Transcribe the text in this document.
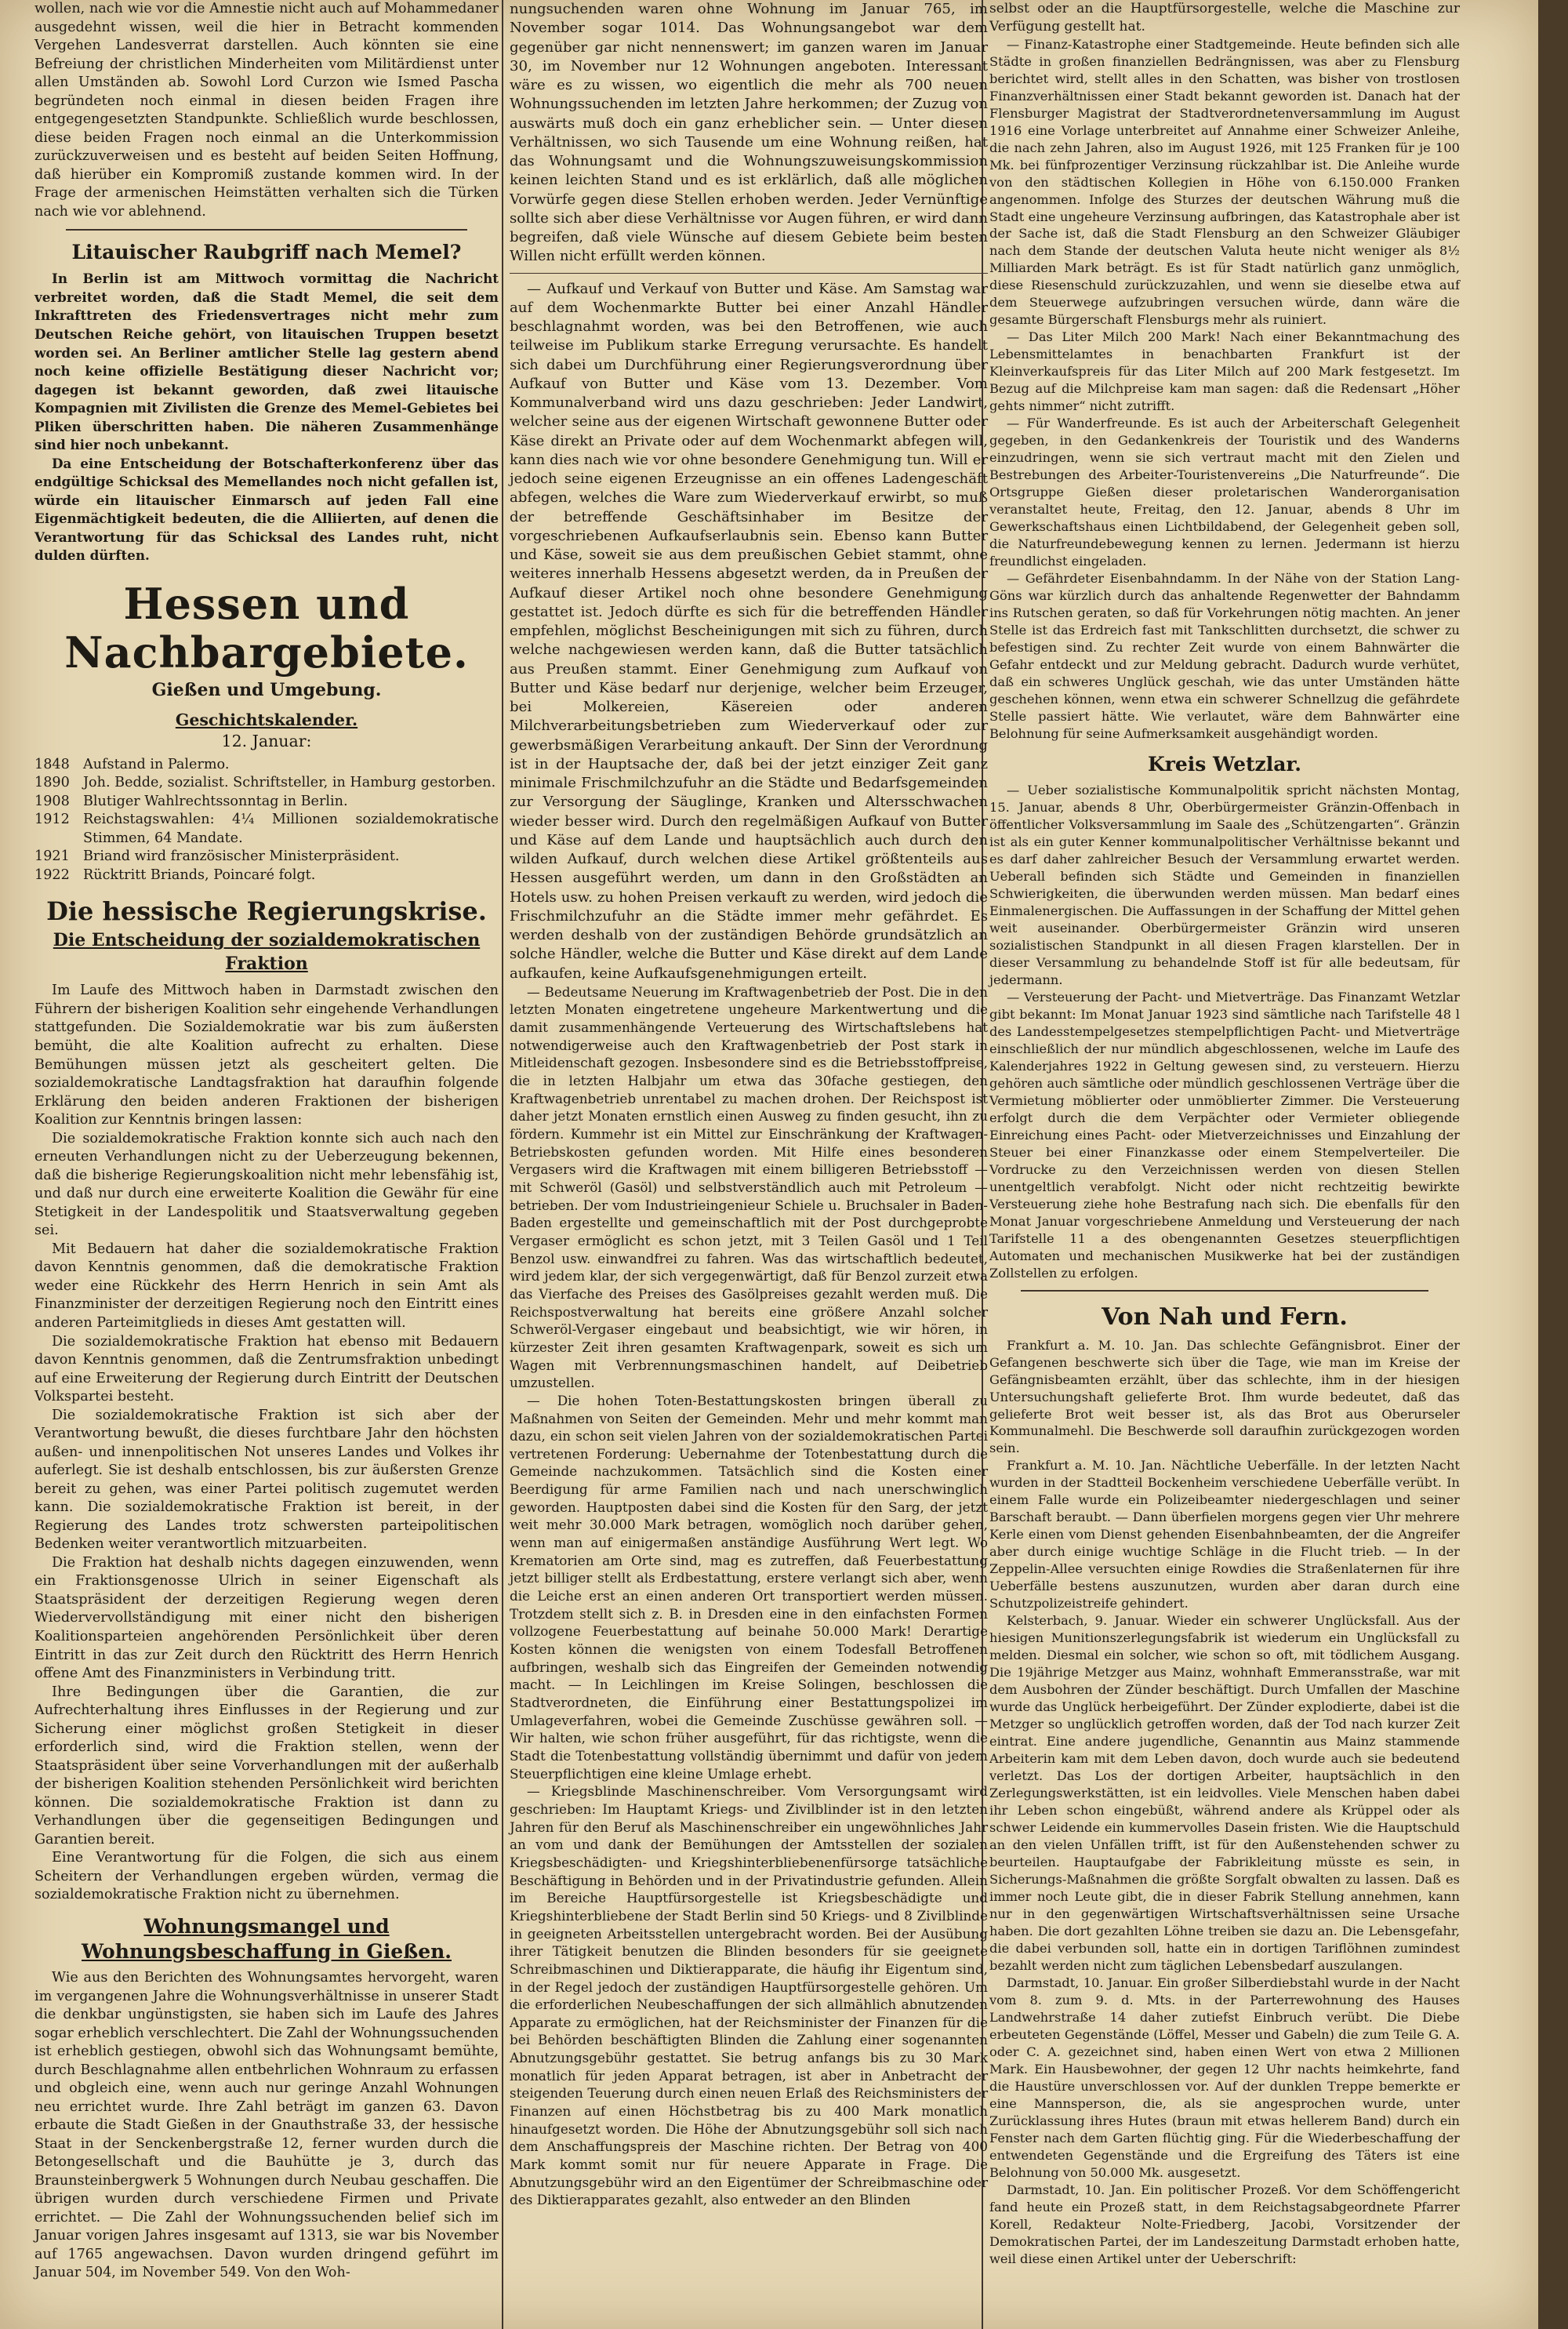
wollen, nach wie vor die Amnestie nicht auch auf Mohammedaner ausgedehnt wissen, weil die hier in Betracht kommenden Vergehen Landesverrat darstellen. Auch könnten sie eine Befreiung der christlichen Minderheiten vom Militärdienst unter allen Umständen ab. Sowohl Lord Curzon wie Ismed Pascha begründeten noch einmal in diesen beiden Fragen ihre entgegengesetzten Standpunkte. Schließlich wurde beschlossen, diese beiden Fragen noch einmal an die Unterkommission zurückzuverweisen und es besteht auf beiden Seiten Hoffnung, daß hierüber ein Kompromiß zustande kommen wird. In der Frage der armenischen Heimstätten verhalten sich die Türken nach wie vor ablehnend.

Litauischer Raubgriff nach Memel?

In Berlin ist am Mittwoch vormittag die Nachricht verbreitet worden, daß die Stadt Memel, die seit dem Inkrafttreten des Friedensvertrages nicht mehr zum Deutschen Reiche gehört, von litauischen Truppen besetzt worden sei. An Berliner amtlicher Stelle lag gestern abend noch keine offizielle Bestätigung dieser Nachricht vor; dagegen ist bekannt geworden, daß zwei litauische Kompagnien mit Zivilisten die Grenze des Memel-Gebietes bei Pliken überschritten haben. Die näheren Zusammenhänge sind hier noch unbekannt.

Da eine Entscheidung der Botschafterkonferenz über das endgültige Schicksal des Memellandes noch nicht gefallen ist, würde ein litauischer Einmarsch auf jeden Fall eine Eigenmächtigkeit bedeuten, die die Alliierten, auf denen die Verantwortung für das Schicksal des Landes ruht, nicht dulden dürften.

Hessen und Nachbargebiete.
Gießen und Umgebung.
Geschichtskalender.
12. Januar:
1848 Aufstand in Palermo.
1890 Joh. Bedde, sozialist. Schriftsteller, in Hamburg gestorben.
1908 Blutiger Wahlrechtssonntag in Berlin.
1912 Reichstagswahlen: 4¼ Millionen sozialdemokratische Stimmen, 64 Mandate.
1921 Briand wird französischer Ministerpräsident.
1922 Rücktritt Briands, Poincaré folgt.
Die hessische Regierungskrise.
Die Entscheidung der sozialdemokratischen Fraktion

Im Laufe des Mittwoch haben in Darmstadt zwischen den Führern der bisherigen Koalition sehr eingehende Verhandlungen stattgefunden. Die Sozialdemokratie war bis zum äußersten bemüht, die alte Koalition aufrecht zu erhalten. Diese Bemühungen müssen jetzt als gescheitert gelten. Die sozialdemokratische Landtagsfraktion hat daraufhin folgende Erklärung den beiden anderen Fraktionen der bisherigen Koalition zur Kenntnis bringen lassen:

Die sozialdemokratische Fraktion konnte sich auch nach den erneuten Verhandlungen nicht zu der Ueberzeugung bekennen, daß die bisherige Regierungskoalition nicht mehr lebensfähig ist, und daß nur durch eine erweiterte Koalition die Gewähr für eine Stetigkeit in der Landespolitik und Staatsverwaltung gegeben sei.

Mit Bedauern hat daher die sozialdemokratische Fraktion davon Kenntnis genommen, daß die demokratische Fraktion weder eine Rückkehr des Herrn Henrich in sein Amt als Finanzminister der derzeitigen Regierung noch den Eintritt eines anderen Parteimitglieds in dieses Amt gestatten will.

Die sozialdemokratische Fraktion hat ebenso mit Bedauern davon Kenntnis genommen, daß die Zentrumsfraktion unbedingt auf eine Erweiterung der Regierung durch Eintritt der Deutschen Volkspartei besteht.

Die sozialdemokratische Fraktion ist sich aber der Verantwortung bewußt, die dieses furchtbare Jahr den höchsten außen- und innenpolitischen Not unseres Landes und Volkes ihr auferlegt. Sie ist deshalb entschlossen, bis zur äußersten Grenze bereit zu gehen, was einer Partei politisch zugemutet werden kann. Die sozialdemokratische Fraktion ist bereit, in der Regierung des Landes trotz schwersten parteipolitischen Bedenken weiter verantwortlich mitzuarbeiten.

Die Fraktion hat deshalb nichts dagegen einzuwenden, wenn ein Fraktionsgenosse Ulrich in seiner Eigenschaft als Staatspräsident der derzeitigen Regierung wegen deren Wiedervervollständigung mit einer nicht den bisherigen Koalitionsparteien angehörenden Persönlichkeit über deren Eintritt in das zur Zeit durch den Rücktritt des Herrn Henrich offene Amt des Finanzministers in Verbindung tritt.

Ihre Bedingungen über die Garantien, die zur Aufrechterhaltung ihres Einflusses in der Regierung und zur Sicherung einer möglichst großen Stetigkeit in dieser erforderlich sind, wird die Fraktion stellen, wenn der Staatspräsident über seine Vorverhandlungen mit der außerhalb der bisherigen Koalition stehenden Persönlichkeit wird berichten können. Die sozialdemokratische Fraktion ist dann zu Verhandlungen über die gegenseitigen Bedingungen und Garantien bereit.

Eine Verantwortung für die Folgen, die sich aus einem Scheitern der Verhandlungen ergeben würden, vermag die sozialdemokratische Fraktion nicht zu übernehmen.

Wohnungsmangel und Wohnungsbeschaffung in Gießen.

Wie aus den Berichten des Wohnungsamtes hervorgeht, waren im vergangenen Jahre die Wohnungsverhältnisse in unserer Stadt die denkbar ungünstigsten, sie haben sich im Laufe des Jahres sogar erheblich verschlechtert. Die Zahl der Wohnungssuchenden ist erheblich gestiegen, obwohl sich das Wohnungsamt bemühte, durch Beschlagnahme allen entbehrlichen Wohnraum zu erfassen und obgleich eine, wenn auch nur geringe Anzahl Wohnungen neu errichtet wurde. Ihre Zahl beträgt im ganzen 63. Davon erbaute die Stadt Gießen in der Gnauthstraße 33, der hessische Staat in der Senckenbergstraße 12, ferner wurden durch die Betongesellschaft und die Bauhütte je 3, durch das Braunsteinbergwerk 5 Wohnungen durch Neubau geschaffen. Die übrigen wurden durch verschiedene Firmen und Private errichtet. — Die Zahl der Wohnungssuchenden belief sich im Januar vorigen Jahres insgesamt auf 1313, sie war bis November auf 1765 angewachsen. Davon wurden dringend geführt im Januar 504, im November 549. Von den Woh-

nungsuchenden waren ohne Wohnung im Januar 765, im November sogar 1014. Das Wohnungsangebot war dem gegenüber gar nicht nennenswert; im ganzen waren im Januar 30, im November nur 12 Wohnungen angeboten. Interessant wäre es zu wissen, wo eigentlich die mehr als 700 neuen Wohnungssuchenden im letzten Jahre herkommen; der Zuzug von auswärts muß doch ein ganz erheblicher sein. — Unter diesen Verhältnissen, wo sich Tausende um eine Wohnung reißen, hat das Wohnungsamt und die Wohnungszuweisungskommission keinen leichten Stand und es ist erklärlich, daß alle möglichen Vorwürfe gegen diese Stellen erhoben werden. Jeder Vernünftige sollte sich aber diese Verhältnisse vor Augen führen, er wird dann begreifen, daß viele Wünsche auf diesem Gebiete beim besten Willen nicht erfüllt werden können.

— Aufkauf und Verkauf von Butter und Käse. Am Samstag war auf dem Wochenmarkte Butter bei einer Anzahl Händler beschlagnahmt worden, was bei den Betroffenen, wie auch teilweise im Publikum starke Erregung verursachte. Es handelt sich dabei um Durchführung einer Regierungsverordnung über Aufkauf von Butter und Käse vom 13. Dezember. Vom Kommunalverband wird uns dazu geschrieben: Jeder Landwirt, welcher seine aus der eigenen Wirtschaft gewonnene Butter oder Käse direkt an Private oder auf dem Wochenmarkt abfegen will, kann dies nach wie vor ohne besondere Genehmigung tun. Will er jedoch seine eigenen Erzeugnisse an ein offenes Ladengeschäft abfegen, welches die Ware zum Wiederverkauf erwirbt, so muß der betreffende Geschäftsinhaber im Besitze der vorgeschriebenen Aufkaufserlaubnis sein. Ebenso kann Butter und Käse, soweit sie aus dem preußischen Gebiet stammt, ohne weiteres innerhalb Hessens abgesetzt werden, da in Preußen der Aufkauf dieser Artikel noch ohne besondere Genehmigung gestattet ist. Jedoch dürfte es sich für die betreffenden Händler empfehlen, möglichst Bescheinigungen mit sich zu führen, durch welche nachgewiesen werden kann, daß die Butter tatsächlich aus Preußen stammt. Einer Genehmigung zum Aufkauf von Butter und Käse bedarf nur derjenige, welcher beim Erzeuger, bei Molkereien, Käsereien oder anderen Milchverarbeitungsbetrieben zum Wiederverkauf oder zur gewerbsmäßigen Verarbeitung ankauft. Der Sinn der Verordnung ist in der Hauptsache der, daß bei der jetzt einziger Zeit ganz minimale Frischmilchzufuhr an die Städte und Bedarfsgemeinden zur Versorgung der Säuglinge, Kranken und Altersschwachen wieder besser wird. Durch den regelmäßigen Aufkauf von Butter und Käse auf dem Lande und hauptsächlich auch durch den wilden Aufkauf, durch welchen diese Artikel größtenteils aus Hessen ausgeführt werden, um dann in den Großstädten an Hotels usw. zu hohen Preisen verkauft zu werden, wird jedoch die Frischmilchzufuhr an die Städte immer mehr gefährdet. Es werden deshalb von der zuständigen Behörde grundsätzlich an solche Händler, welche die Butter und Käse direkt auf dem Lande aufkaufen, keine Aufkaufsgenehmigungen erteilt.

— Bedeutsame Neuerung im Kraftwagenbetrieb der Post. Die in den letzten Monaten eingetretene ungeheure Markentwertung und die damit zusammenhängende Verteuerung des Wirtschaftslebens hat notwendigerweise auch den Kraftwagenbetrieb der Post stark in Mitleidenschaft gezogen. Insbesondere sind es die Betriebsstoffpreise, die in letzten Halbjahr um etwa das 30fache gestiegen, den Kraftwagenbetrieb unrentabel zu machen drohen. Der Reichspost ist daher jetzt Monaten ernstlich einen Ausweg zu finden gesucht, ihn zu fördern. Kummehr ist ein Mittel zur Einschränkung der Kraftwagen-Betriebskosten gefunden worden. Mit Hilfe eines besonderen Vergasers wird die Kraftwagen mit einem billigeren Betriebsstoff — mit Schweröl (Gasöl) und selbstverständlich auch mit Petroleum — betrieben. Der vom Industrieingenieur Schiele u. Bruchsaler in Baden-Baden ergestellte und gemeinschaftlich mit der Post durchgeprobte Vergaser ermöglicht es schon jetzt, mit 3 Teilen Gasöl und 1 Teil Benzol usw. einwandfrei zu fahren. Was das wirtschaftlich bedeutet, wird jedem klar, der sich vergegenwärtigt, daß für Benzol zurzeit etwa das Vierfache des Preises des Gasölpreises gezahlt werden muß. Die Reichspostverwaltung hat bereits eine größere Anzahl solcher Schweröl-Vergaser eingebaut und beabsichtigt, wie wir hören, in kürzester Zeit ihren gesamten Kraftwagenpark, soweit es sich um Wagen mit Verbrennungsmaschinen handelt, auf Deibetrieb umzustellen.

— Die hohen Toten-Bestattungskosten bringen überall zu Maßnahmen von Seiten der Gemeinden. Mehr und mehr kommt man dazu, ein schon seit vielen Jahren von der sozialdemokratischen Partei vertretenen Forderung: Uebernahme der Totenbestattung durch die Gemeinde nachzukommen. Tatsächlich sind die Kosten einer Beerdigung für arme Familien nach und nach unerschwinglich geworden. Hauptposten dabei sind die Kosten für den Sarg, der jetzt weit mehr 30.000 Mark betragen, womöglich noch darüber gehen, wenn man auf einigermaßen anständige Ausführung Wert legt. Wo Krematorien am Orte sind, mag es zutreffen, daß Feuerbestattung jetzt billiger stellt als Erdbestattung, erstere verlangt sich aber, wenn die Leiche erst an einen anderen Ort transportiert werden müssen. Trotzdem stellt sich z. B. in Dresden eine in den einfachsten Formen vollzogene Feuerbestattung auf beinahe 50.000 Mark! Derartige Kosten können die wenigsten von einem Todesfall Betroffenen aufbringen, weshalb sich das Eingreifen der Gemeinden notwendig macht. — In Leichlingen im Kreise Solingen, beschlossen die Stadtverordneten, die Einführung einer Bestattungspolizei im Umlageverfahren, wobei die Gemeinde Zuschüsse gewähren soll. — Wir halten, wie schon früher ausgeführt, für das richtigste, wenn die Stadt die Totenbestattung vollständig übernimmt und dafür von jedem Steuerpflichtigen eine kleine Umlage erhebt.

— Kriegsblinde Maschinenschreiber. Vom Versorgungsamt wird geschrieben: Im Hauptamt Kriegs- und Zivilblinder ist in den letzten Jahren für den Beruf als Maschinenschreiber ein ungewöhnliches Jahr an vom und dank der Bemühungen der Amtsstellen der sozialen Kriegsbeschädigten- und Kriegshinterbliebenenfürsorge tatsächliche Beschäftigung in Behörden und in der Privatindustrie gefunden. Allein im Bereiche Hauptfürsorgestelle ist Kriegsbeschädigte und Kriegshinterbliebene der Stadt Berlin sind 50 Kriegs- und 8 Zivilblinde in geeigneten Arbeitsstellen untergebracht worden. Bei der Ausübung ihrer Tätigkeit benutzen die Blinden besonders für sie geeignete Schreibmaschinen und Diktierapparate, die häufig ihr Eigentum sind, in der Regel jedoch der zuständigen Hauptfürsorgestelle gehören. Um die erforderlichen Neubeschaffungen der sich allmählich abnutzenden Apparate zu ermöglichen, hat der Reichsminister der Finanzen für die bei Behörden beschäftigten Blinden die Zahlung einer sogenannten Abnutzungsgebühr gestattet. Sie betrug anfangs bis zu 30 Mark monatlich für jeden Apparat betragen, ist aber in Anbetracht der steigenden Teuerung durch einen neuen Erlaß des Reichsministers der Finanzen auf einen Höchstbetrag bis zu 400 Mark monatlich hinaufgesetzt worden. Die Höhe der Abnutzungsgebühr soll sich nach dem Anschaffungspreis der Maschine richten. Der Betrag von 400 Mark kommt somit nur für neuere Apparate in Frage. Die Abnutzungsgebühr wird an den Eigentümer der Schreibmaschine oder des Diktierapparates gezahlt, also entweder an den Blinden

selbst oder an die Hauptfürsorgestelle, welche die Maschine zur Verfügung gestellt hat.

— Finanz-Katastrophe einer Stadtgemeinde. Heute befinden sich alle Städte in großen finanziellen Bedrängnissen, was aber zu Flensburg berichtet wird, stellt alles in den Schatten, was bisher von trostlosen Finanzverhältnissen einer Stadt bekannt geworden ist. Danach hat der Flensburger Magistrat der Stadtverordnetenversammlung im August 1916 eine Vorlage unterbreitet auf Annahme einer Schweizer Anleihe, die nach zehn Jahren, also im August 1926, mit 125 Franken für je 100 Mk. bei fünfprozentiger Verzinsung rückzahlbar ist. Die Anleihe wurde von den städtischen Kollegien in Höhe von 6.150.000 Franken angenommen. Infolge des Sturzes der deutschen Währung muß die Stadt eine ungeheure Verzinsung aufbringen, das Katastrophale aber ist der Sache ist, daß die Stadt Flensburg an den Schweizer Gläubiger nach dem Stande der deutschen Valuta heute nicht weniger als 8½ Milliarden Mark beträgt. Es ist für Stadt natürlich ganz unmöglich, diese Riesenschuld zurückzuzahlen, und wenn sie dieselbe etwa auf dem Steuerwege aufzubringen versuchen würde, dann wäre die gesamte Bürgerschaft Flensburgs mehr als ruiniert.

— Das Liter Milch 200 Mark! Nach einer Bekanntmachung des Lebensmittelamtes in benachbarten Frankfurt ist der Kleinverkaufspreis für das Liter Milch auf 200 Mark festgesetzt. Im Bezug auf die Milchpreise kam man sagen: daß die Redensart „Höher gehts nimmer“ nicht zutrifft.

— Für Wanderfreunde. Es ist auch der Arbeiterschaft Gelegenheit gegeben, in den Gedankenkreis der Touristik und des Wanderns einzudringen, wenn sie sich vertraut macht mit den Zielen und Bestrebungen des Arbeiter-Touristenvereins „Die Naturfreunde“. Die Ortsgruppe Gießen dieser proletarischen Wanderorganisation veranstaltet heute, Freitag, den 12. Januar, abends 8 Uhr im Gewerkschaftshaus einen Lichtbildabend, der Gelegenheit geben soll, die Naturfreundebewegung kennen zu lernen. Jedermann ist hierzu freundlichst eingeladen.

— Gefährdeter Eisenbahndamm. In der Nähe von der Station Lang-Göns war kürzlich durch das anhaltende Regenwetter der Bahndamm ins Rutschen geraten, so daß für Vorkehrungen nötig machten. An jener Stelle ist das Erdreich fast mit Tankschlitten durchsetzt, die schwer zu befestigen sind. Zu rechter Zeit wurde von einem Bahnwärter die Gefahr entdeckt und zur Meldung gebracht. Dadurch wurde verhütet, daß ein schweres Unglück geschah, wie das unter Umständen hätte geschehen können, wenn etwa ein schwerer Schnellzug die gefährdete Stelle passiert hätte. Wie verlautet, wäre dem Bahnwärter eine Belohnung für seine Aufmerksamkeit ausgehändigt worden.

Kreis Wetzlar.

— Ueber sozialistische Kommunalpolitik spricht nächsten Montag, 15. Januar, abends 8 Uhr, Oberbürgermeister Gränzin-Offenbach in öffentlicher Volksversammlung im Saale des „Schützengarten“. Gränzin ist als ein guter Kenner kommunalpolitischer Verhältnisse bekannt und es darf daher zahlreicher Besuch der Versammlung erwartet werden. Ueberall befinden sich Städte und Gemeinden in finanziellen Schwierigkeiten, die überwunden werden müssen. Man bedarf eines Einmalenergischen. Die Auffassungen in der Schaffung der Mittel gehen weit auseinander. Oberbürgermeister Gränzin wird unseren sozialistischen Standpunkt in all diesen Fragen klarstellen. Der in dieser Versammlung zu behandelnde Stoff ist für alle bedeutsam, für jedermann.

— Versteuerung der Pacht- und Mietverträge. Das Finanzamt Wetzlar gibt bekannt: Im Monat Januar 1923 sind sämtliche nach Tarifstelle 48 l des Landesstempelgesetzes stempelpflichtigen Pacht- und Mietverträge einschließlich der nur mündlich abgeschlossenen, welche im Laufe des Kalenderjahres 1922 in Geltung gewesen sind, zu versteuern. Hierzu gehören auch sämtliche oder mündlich geschlossenen Verträge über die Vermietung möblierter oder unmöblierter Zimmer. Die Versteuerung erfolgt durch die dem Verpächter oder Vermieter obliegende Einreichung eines Pacht- oder Mietverzeichnisses und Einzahlung der Steuer bei einer Finanzkasse oder einem Stempelverteiler. Die Vordrucke zu den Verzeichnissen werden von diesen Stellen unentgeltlich verabfolgt. Nicht oder nicht rechtzeitig bewirkte Versteuerung ziehe hohe Bestrafung nach sich. Die ebenfalls für den Monat Januar vorgeschriebene Anmeldung und Versteuerung der nach Tarifstelle 11 a des obengenannten Gesetzes steuerpflichtigen Automaten und mechanischen Musikwerke hat bei der zuständigen Zollstellen zu erfolgen.

Von Nah und Fern.

Frankfurt a. M. 10. Jan. Das schlechte Gefängnisbrot. Einer der Gefangenen beschwerte sich über die Tage, wie man im Kreise der Gefängnisbeamten erzählt, über das schlechte, ihm in der hiesigen Untersuchungshaft gelieferte Brot. Ihm wurde bedeutet, daß das gelieferte Brot weit besser ist, als das Brot aus Oberurseler Kommunalmehl. Die Beschwerde soll daraufhin zurückgezogen worden sein.

Frankfurt a. M. 10. Jan. Nächtliche Ueberfälle. In der letzten Nacht wurden in der Stadtteil Bockenheim verschiedene Ueberfälle verübt. In einem Falle wurde ein Polizeibeamter niedergeschlagen und seiner Barschaft beraubt. — Dann überfielen morgens gegen vier Uhr mehrere Kerle einen vom Dienst gehenden Eisenbahnbeamten, der die Angreifer aber durch einige wuchtige Schläge in die Flucht trieb. — In der Zeppelin-Allee versuchten einige Rowdies die Straßenlaternen für ihre Ueberfälle bestens auszunutzen, wurden aber daran durch eine Schutzpolizeistreife gehindert.

Kelsterbach, 9. Januar. Wieder ein schwerer Unglücksfall. Aus der hiesigen Munitionszerlegungsfabrik ist wiederum ein Unglücksfall zu melden. Diesmal ein solcher, wie schon so oft, mit tödlichem Ausgang. Die 19jährige Metzger aus Mainz, wohnhaft Emmeransstraße, war mit dem Ausbohren der Zünder beschäftigt. Durch Umfallen der Maschine wurde das Unglück herbeigeführt. Der Zünder explodierte, dabei ist die Metzger so unglücklich getroffen worden, daß der Tod nach kurzer Zeit eintrat. Eine andere jugendliche, Genanntin aus Mainz stammende Arbeiterin kam mit dem Leben davon, doch wurde auch sie bedeutend verletzt. Das Los der dortigen Arbeiter, hauptsächlich in den Zerlegungswerkstätten, ist ein leidvolles. Viele Menschen haben dabei ihr Leben schon eingebüßt, während andere als Krüppel oder als schwer Leidende ein kummervolles Dasein fristen. Wie die Hauptschuld an den vielen Unfällen trifft, ist für den Außenstehenden schwer zu beurteilen. Hauptaufgabe der Fabrikleitung müsste es sein, in Sicherungs-Maßnahmen die größte Sorgfalt obwalten zu lassen. Daß es immer noch Leute gibt, die in dieser Fabrik Stellung annehmen, kann nur in den gegenwärtigen Wirtschaftsverhältnissen seine Ursache haben. Die dort gezahlten Löhne treiben sie dazu an. Die Lebensgefahr, die dabei verbunden soll, hatte ein in dortigen Tariflöhnen zumindest bezahlt werden nicht zum täglichen Lebensbedarf auszulangen.

Darmstadt, 10. Januar. Ein großer Silberdiebstahl wurde in der Nacht vom 8. zum 9. d. Mts. in der Parterrewohnung des Hauses Landwehrstraße 14 daher zutiefst Einbruch verübt. Die Diebe erbeuteten Gegenstände (Löffel, Messer und Gabeln) die zum Teile G. A. oder C. A. gezeichnet sind, haben einen Wert von etwa 2 Millionen Mark. Ein Hausbewohner, der gegen 12 Uhr nachts heimkehrte, fand die Haustüre unverschlossen vor. Auf der dunklen Treppe bemerkte er eine Mannsperson, die, als sie angesprochen wurde, unter Zurücklassung ihres Hutes (braun mit etwas hellerem Band) durch ein Fenster nach dem Garten flüchtig ging. Für die Wiederbeschaffung der entwendeten Gegenstände und die Ergreifung des Täters ist eine Belohnung von 50.000 Mk. ausgesetzt.

Darmstadt, 10. Jan. Ein politischer Prozeß. Vor dem Schöffengericht fand heute ein Prozeß statt, in dem Reichstagsabgeordnete Pfarrer Korell, Redakteur Nolte-Friedberg, Jacobi, Vorsitzender der Demokratischen Partei, der im Landeszeitung Darmstadt erhoben hatte, weil diese einen Artikel unter der Ueberschrift:
